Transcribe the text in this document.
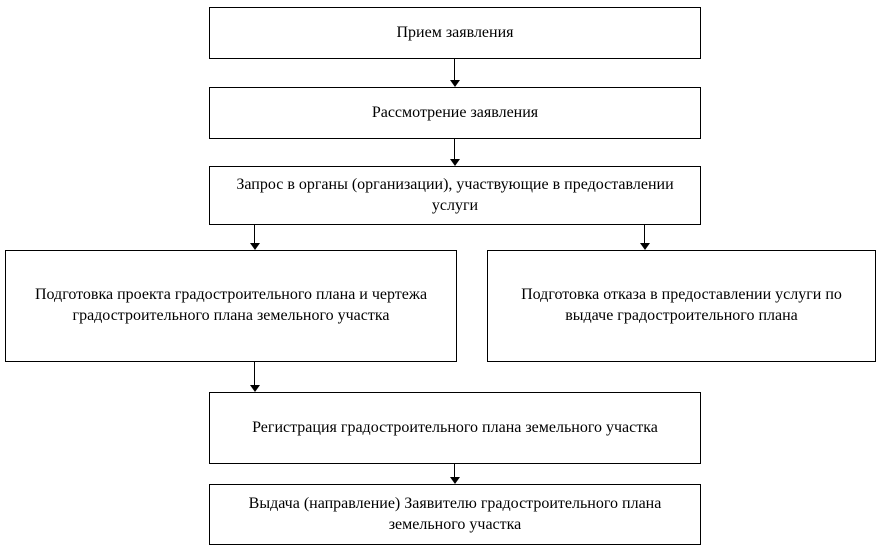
Прием заявления
Рассмотрение заявления
Запрос в органы (организации), участвующие в предоставлении услуги
Подготовка проекта градостроительного плана и чертежа градостроительного плана земельного участка
Подготовка отказа в предоставлении услуги по выдаче градостроительного плана
Регистрация градостроительного плана земельного участка
Выдача (направление) Заявителю градостроительного плана земельного участка
